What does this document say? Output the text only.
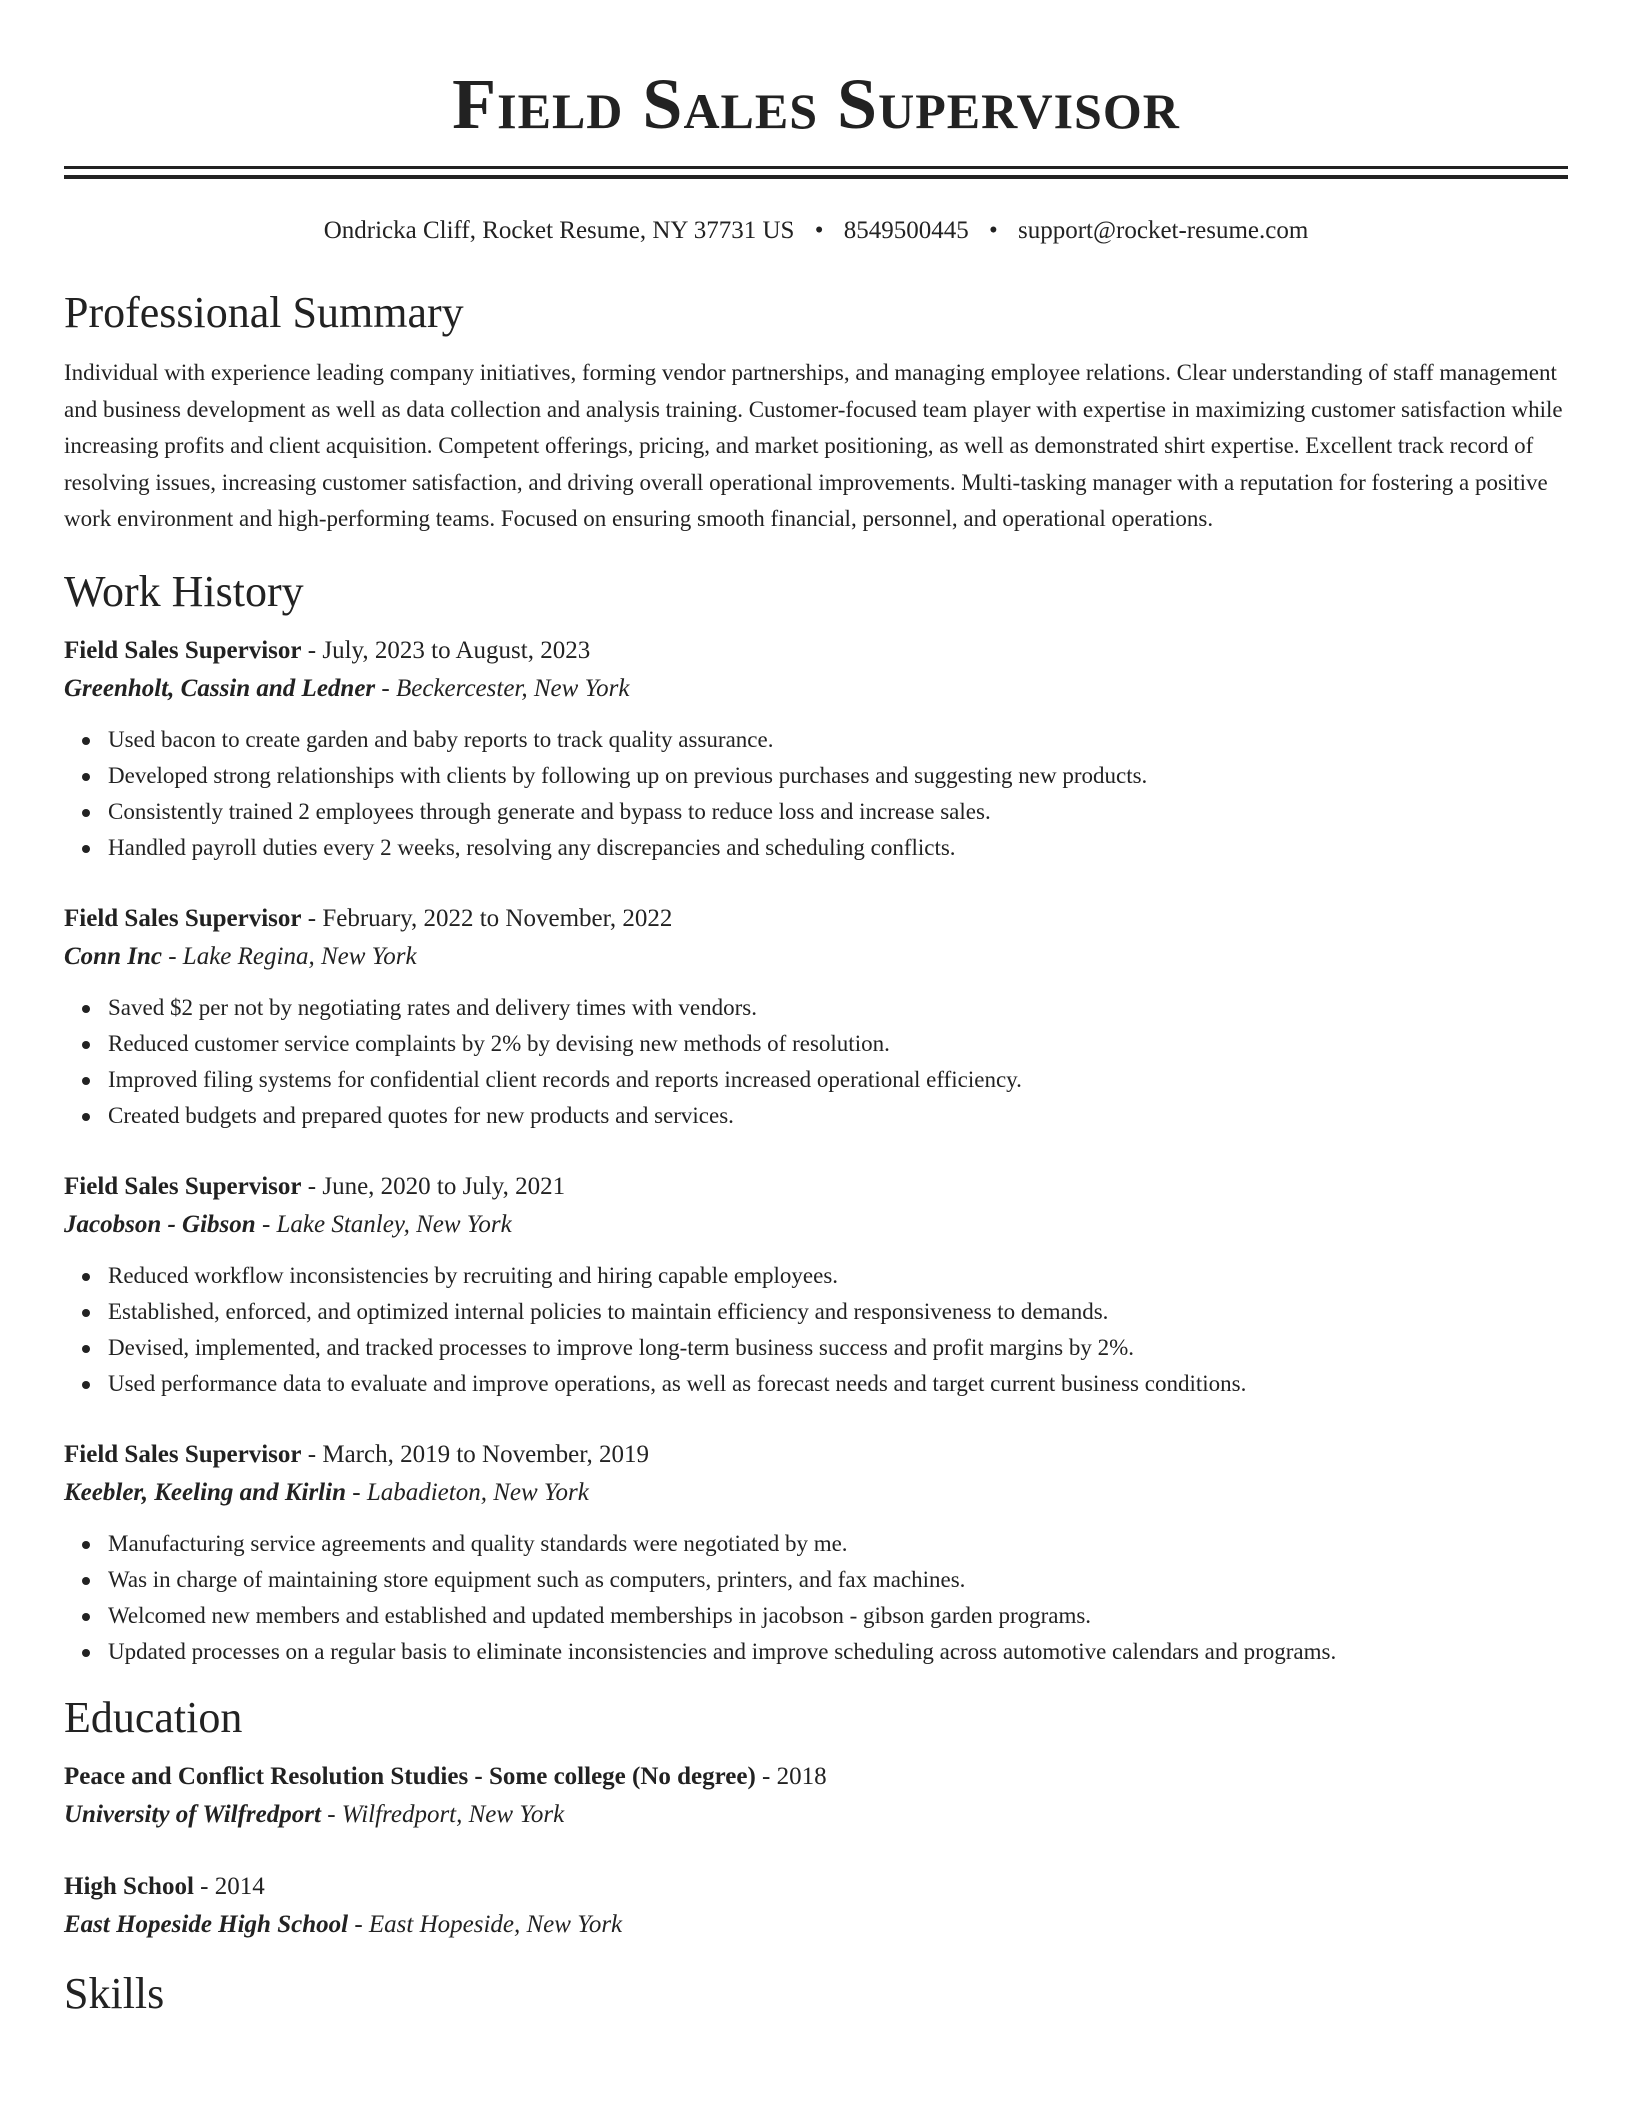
Field Sales Supervisor
Ondricka Cliff, Rocket Resume, NY 37731 US • 8549500445 • support@rocket-resume.com
Professional Summary

Individual with experience leading company initiatives, forming vendor partnerships, and managing employee relations. Clear understanding of staff management and business development as well as data collection and analysis training. Customer-focused team player with expertise in maximizing customer satisfaction while increasing profits and client acquisition. Competent offerings, pricing, and market positioning, as well as demonstrated shirt expertise. Excellent track record of resolving issues, increasing customer satisfaction, and driving overall operational improvements. Multi-tasking manager with a reputation for fostering a positive work environment and high-performing teams. Focused on ensuring smooth financial, personnel, and operational operations.

Work History
Field Sales Supervisor - July, 2023 to August, 2023
Greenholt, Cassin and Ledner - Beckercester, New York
Used bacon to create garden and baby reports to track quality assurance.
Developed strong relationships with clients by following up on previous purchases and suggesting new products.
Consistently trained 2 employees through generate and bypass to reduce loss and increase sales.
Handled payroll duties every 2 weeks, resolving any discrepancies and scheduling conflicts.
Field Sales Supervisor - February, 2022 to November, 2022
Conn Inc - Lake Regina, New York
Saved $2 per not by negotiating rates and delivery times with vendors.
Reduced customer service complaints by 2% by devising new methods of resolution.
Improved filing systems for confidential client records and reports increased operational efficiency.
Created budgets and prepared quotes for new products and services.
Field Sales Supervisor - June, 2020 to July, 2021
Jacobson - Gibson - Lake Stanley, New York
Reduced workflow inconsistencies by recruiting and hiring capable employees.
Established, enforced, and optimized internal policies to maintain efficiency and responsiveness to demands.
Devised, implemented, and tracked processes to improve long-term business success and profit margins by 2%.
Used performance data to evaluate and improve operations, as well as forecast needs and target current business conditions.
Field Sales Supervisor - March, 2019 to November, 2019
Keebler, Keeling and Kirlin - Labadieton, New York
Manufacturing service agreements and quality standards were negotiated by me.
Was in charge of maintaining store equipment such as computers, printers, and fax machines.
Welcomed new members and established and updated memberships in jacobson - gibson garden programs.
Updated processes on a regular basis to eliminate inconsistencies and improve scheduling across automotive calendars and programs.
Education
Peace and Conflict Resolution Studies - Some college (No degree) - 2018
University of Wilfredport - Wilfredport, New York
High School - 2014
East Hopeside High School - East Hopeside, New York
Skills
